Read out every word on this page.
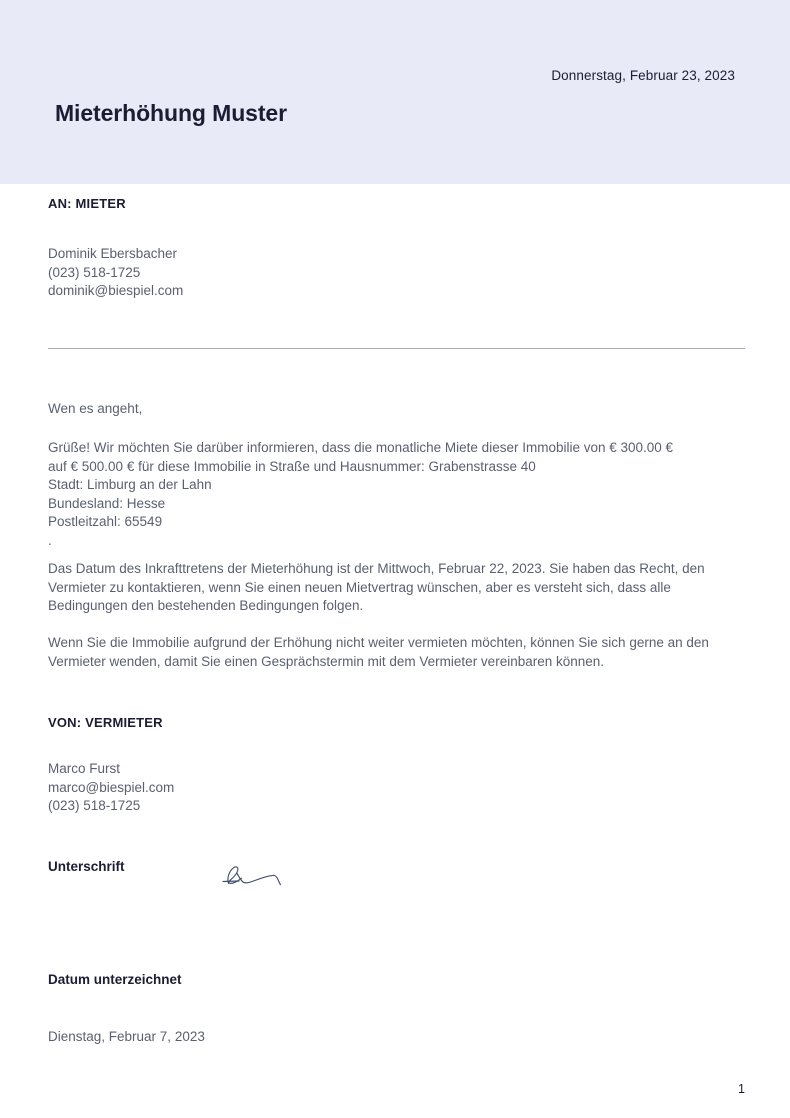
Donnerstag, Februar 23, 2023
Mieterhöhung Muster
AN: MIETER
Dominik Ebersbacher
(023) 518-1725
dominik@biespiel.com
Wen es angeht,
Grüße! Wir möchten Sie darüber informieren, dass die monatliche Miete dieser Immobilie von € 300.00 €
auf € 500.00 € für diese Immobilie in Straße und Hausnummer: Grabenstrasse 40
Stadt: Limburg an der Lahn
Bundesland: Hesse
Postleitzahl: 65549
.
Das Datum des Inkrafttretens der Mieterhöhung ist der Mittwoch, Februar 22, 2023. Sie haben das Recht, den Vermieter zu kontaktieren, wenn Sie einen neuen Mietvertrag wünschen, aber es versteht sich, dass alle Bedingungen den bestehenden Bedingungen folgen.
Wenn Sie die Immobilie aufgrund der Erhöhung nicht weiter vermieten möchten, können Sie sich gerne an den Vermieter wenden, damit Sie einen Gesprächstermin mit dem Vermieter vereinbaren können.
VON: VERMIETER
Marco Furst
marco@biespiel.com
(023) 518-1725
Unterschrift
Datum unterzeichnet
Dienstag, Februar 7, 2023
1
